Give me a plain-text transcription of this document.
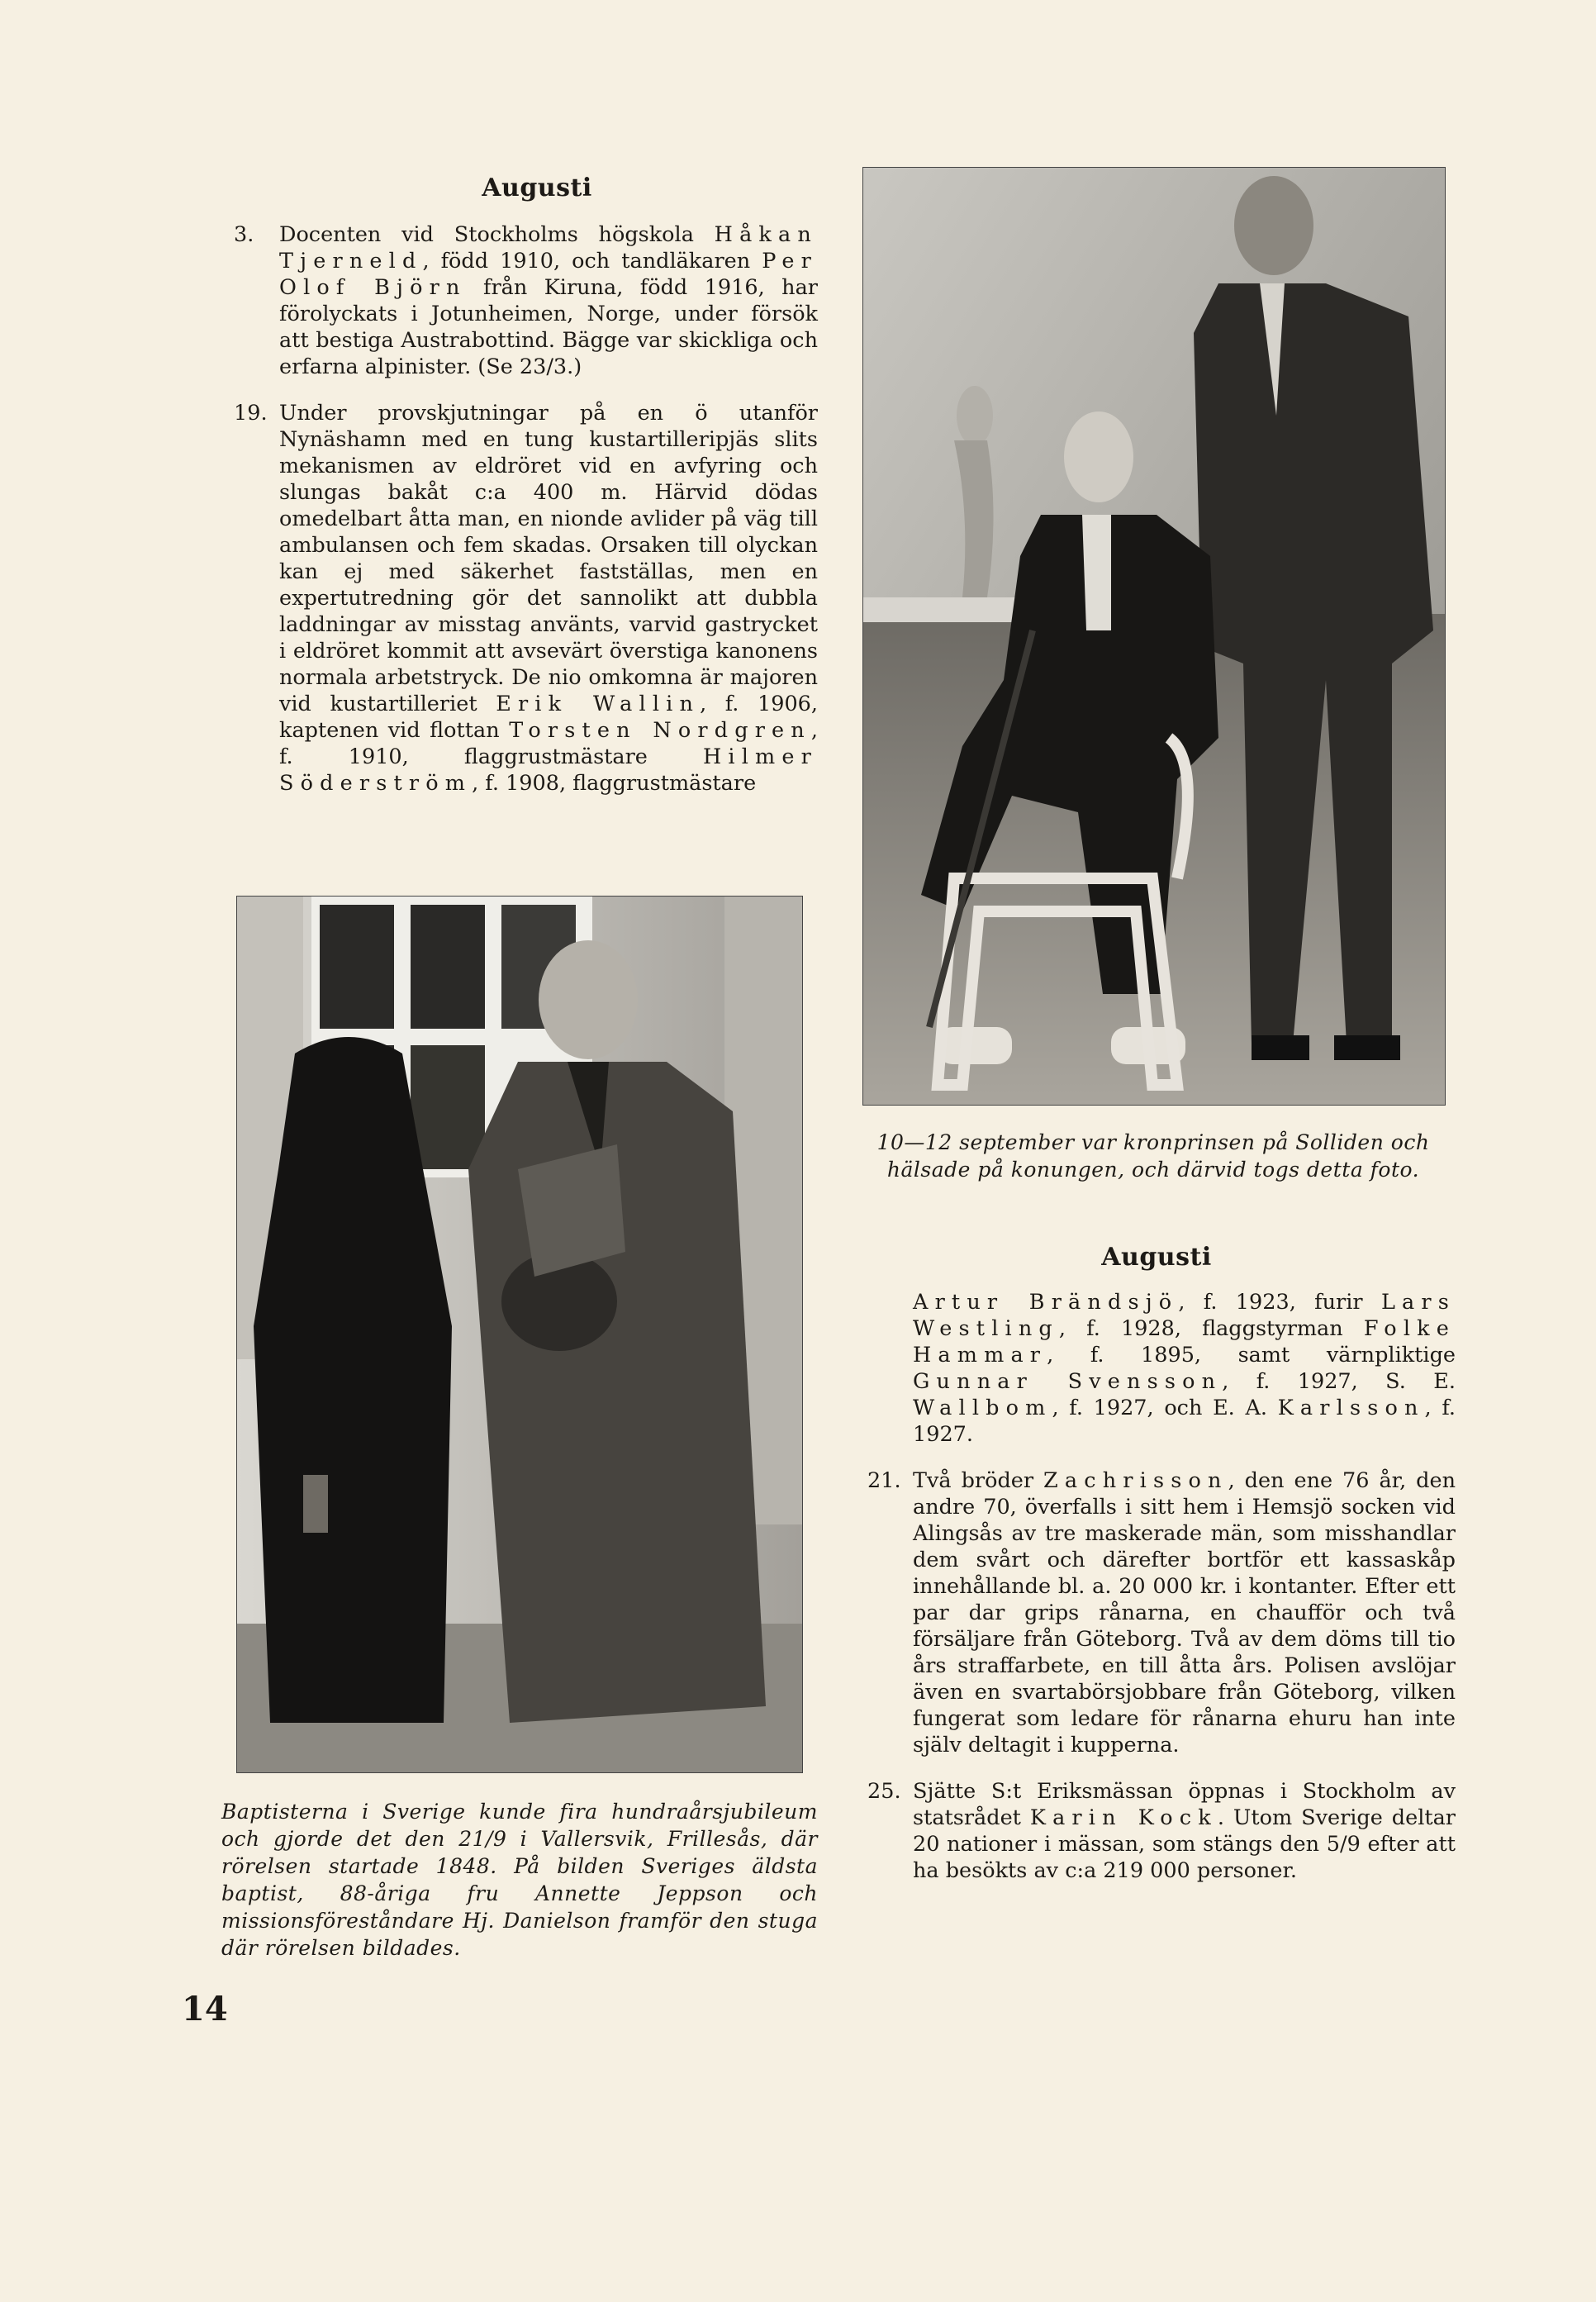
Augusti
3. Docenten vid Stockholms högskola Håkan Tjerneld, född 1910, och tandläkaren Per Olof Björn från Kiruna, född 1916, har förolyckats i Jotunheimen, Norge, under försök att bestiga Austrabottind. Bägge var skickliga och erfarna alpinister. (Se 23/3.)
19. Under provskjutningar på en ö utanför Nynäshamn med en tung kustartilleripjäs slits mekanismen av eldröret vid en avfyring och slungas bakåt c:a 400 m. Härvid dödas omedelbart åtta man, en nionde avlider på väg till ambulansen och fem skadas. Orsaken till olyckan kan ej med säkerhet fastställas, men en expertutredning gör det sannolikt att dubbla laddningar av misstag använts, varvid gastrycket i eldröret kommit att avsevärt överstiga kanonens normala arbetstryck. De nio omkomna är majoren vid kustartilleriet Erik Wallin, f. 1906, kaptenen vid flottan Torsten Nordgren, f. 1910, flaggrustmästare Hilmer Söderström, f. 1908, flaggrustmästare
10—12 september var kronprinsen på Solliden och hälsade på konungen, och därvid togs detta foto.
Baptisterna i Sverige kunde fira hundraårsjubileum och gjorde det den 21/9 i Vallersvik, Frillesås, där rörelsen startade 1848. På bilden Sveriges äldsta baptist, 88-åriga fru Annette Jeppson och missionsföreståndare Hj. Danielson framför den stuga där rörelsen bildades.
Augusti
Artur Brändsjö, f. 1923, furir Lars Westling, f. 1928, flaggstyrman Folke Hammar, f. 1895, samt värnpliktige Gunnar Svensson, f. 1927, S. E. Wallbom, f. 1927, och E. A. Karlsson, f. 1927.
21. Två bröder Zachrisson, den ene 76 år, den andre 70, överfalls i sitt hem i Hemsjö socken vid Alingsås av tre maskerade män, som misshandlar dem svårt och därefter bortför ett kassaskåp innehållande bl. a. 20 000 kr. i kontanter. Efter ett par dar grips rånarna, en chaufför och två försäljare från Göteborg. Två av dem döms till tio års straffarbete, en till åtta års. Polisen avslöjar även en svartabörsjobbare från Göteborg, vilken fungerat som ledare för rånarna ehuru han inte själv deltagit i kupperna.
25. Sjätte S:t Eriksmässan öppnas i Stockholm av statsrådet Karin Kock. Utom Sverige deltar 20 nationer i mässan, som stängs den 5/9 efter att ha besökts av c:a 219 000 personer.
14
